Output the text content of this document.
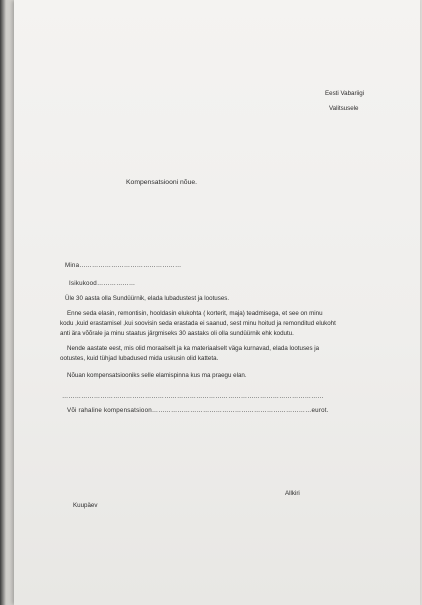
Eesti Vabariigi
Valitsusele
Kompensatsiooni nõue.
Mina…………………………………………
Isikukood………………
Üle 30 aasta olla Sundüürnik, elada lubadustest ja lootuses.
Enne seda elasin, remontisin, hooldasin elukohta ( korterit, maja) teadmisega, et see on minu
kodu ,kuid erastamisel ,kui soovisin seda erastada ei saanud, sest minu hoitud ja remonditud elukoht
anti ära võõrale ja minu staatus järgmiseks 30 aastaks oli olla sundüürnik ehk kodutu.
Nende aastate eest, mis olid moraalselt ja ka materiaalselt väga kurnavad, elada lootuses ja
ootustes, kuid tühjad lubadused mida uskusin olid katteta.
Nõuan kompensatsiooniks selle elamispinna kus ma praegu elan.
……………………………………………………………………………………………………………
Või rahaline kompensatsioon…………………………………………………………………eurot.
Allkiri
Kuupäev
